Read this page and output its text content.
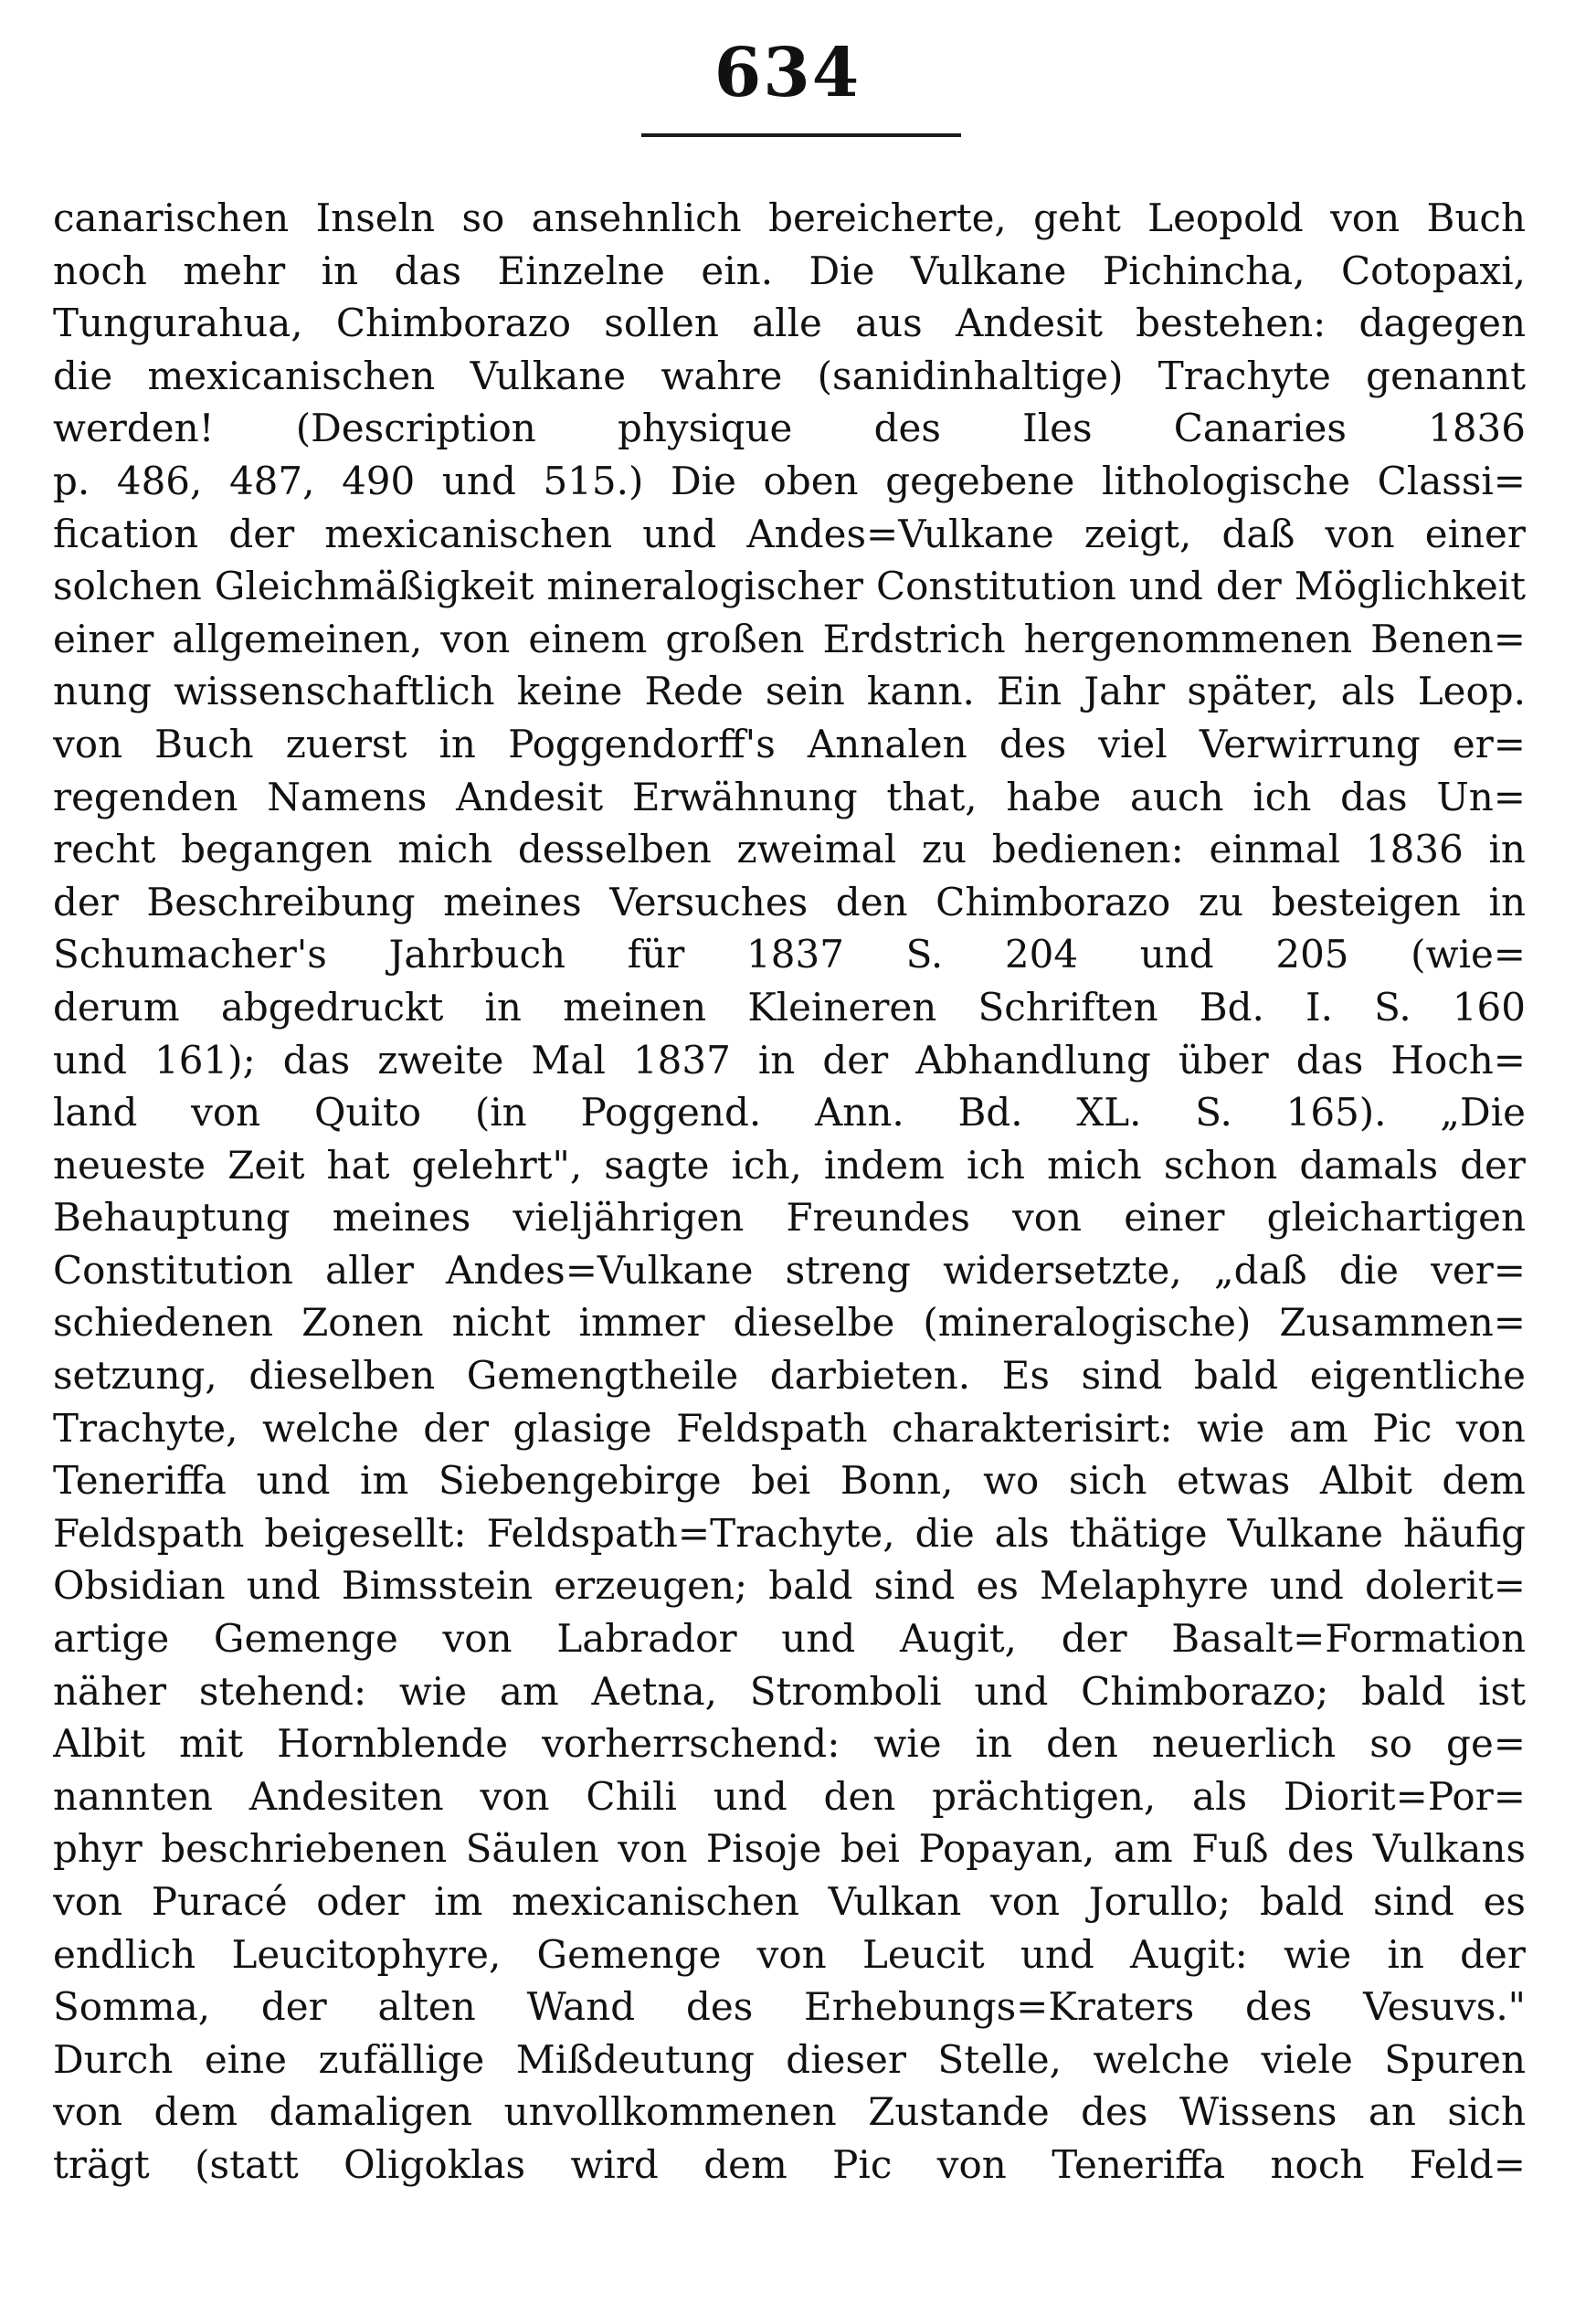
634
canarischen Inseln so ansehnlich bereicherte, geht Leopold von Buch
noch mehr in das Einzelne ein. Die Vulkane Pichincha, Cotopaxi,
Tungurahua, Chimborazo sollen alle aus Andesit bestehen: dagegen
die mexicanischen Vulkane wahre (sanidinhaltige) Trachyte genannt
werden! (Description physique des Iles Canaries 1836
p. 486, 487, 490 und 515.) Die oben gegebene lithologische Classi=
fication der mexicanischen und Andes=Vulkane zeigt, daß von einer
solchen Gleichmäßigkeit mineralogischer Constitution und der Möglichkeit
einer allgemeinen, von einem großen Erdstrich hergenommenen Benen=
nung wissenschaftlich keine Rede sein kann. Ein Jahr später, als Leop.
von Buch zuerst in Poggendorff's Annalen des viel Verwirrung er=
regenden Namens Andesit Erwähnung that, habe auch ich das Un=
recht begangen mich desselben zweimal zu bedienen: einmal 1836 in
der Beschreibung meines Versuches den Chimborazo zu besteigen in
Schumacher's Jahrbuch für 1837 S. 204 und 205 (wie=
derum abgedruckt in meinen Kleineren Schriften Bd. I. S. 160
und 161); das zweite Mal 1837 in der Abhandlung über das Hoch=
land von Quito (in Poggend. Ann. Bd. XL. S. 165). „Die
neueste Zeit hat gelehrt", sagte ich, indem ich mich schon damals der
Behauptung meines vieljährigen Freundes von einer gleichartigen
Constitution aller Andes=Vulkane streng widersetzte, „daß die ver=
schiedenen Zonen nicht immer dieselbe (mineralogische) Zusammen=
setzung, dieselben Gemengtheile darbieten. Es sind bald eigentliche
Trachyte, welche der glasige Feldspath charakterisirt: wie am Pic von
Teneriffa und im Siebengebirge bei Bonn, wo sich etwas Albit dem
Feldspath beigesellt: Feldspath=Trachyte, die als thätige Vulkane häufig
Obsidian und Bimsstein erzeugen; bald sind es Melaphyre und dolerit=
artige Gemenge von Labrador und Augit, der Basalt=Formation
näher stehend: wie am Aetna, Stromboli und Chimborazo; bald ist
Albit mit Hornblende vorherrschend: wie in den neuerlich so ge=
nannten Andesiten von Chili und den prächtigen, als Diorit=Por=
phyr beschriebenen Säulen von Pisoje bei Popayan, am Fuß des Vulkans
von Puracé oder im mexicanischen Vulkan von Jorullo; bald sind es
endlich Leucitophyre, Gemenge von Leucit und Augit: wie in der
Somma, der alten Wand des Erhebungs=Kraters des Vesuvs."
Durch eine zufällige Mißdeutung dieser Stelle, welche viele Spuren
von dem damaligen unvollkommenen Zustande des Wissens an sich
trägt (statt Oligoklas wird dem Pic von Teneriffa noch Feld=
